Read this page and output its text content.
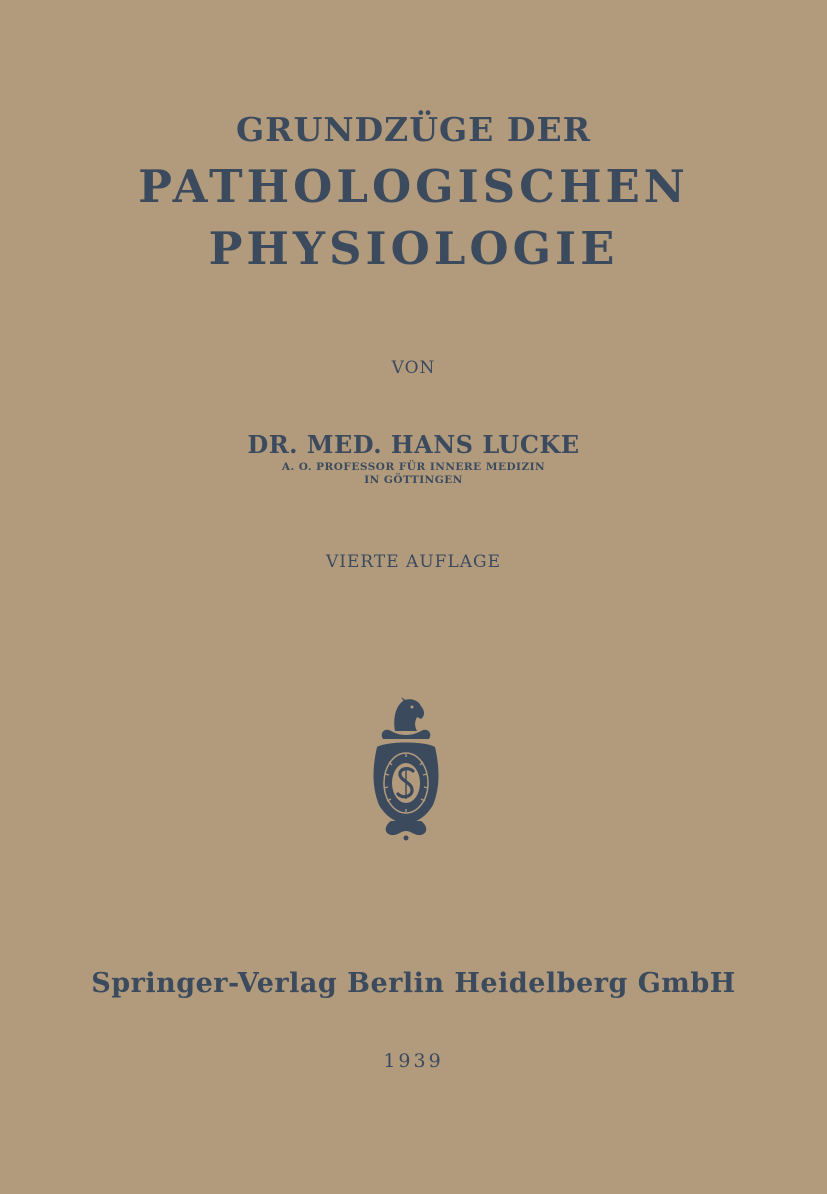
GRUNDZÜGE DER

PATHOLOGISCHEN

PHYSIOLOGIE

VON

DR. MED. HANS LUCKE

A. O. PROFESSOR FÜR INNERE MEDIZIN

IN GÖTTINGEN

VIERTE AUFLAGE

Springer-Verlag Berlin Heidelberg GmbH

1939
